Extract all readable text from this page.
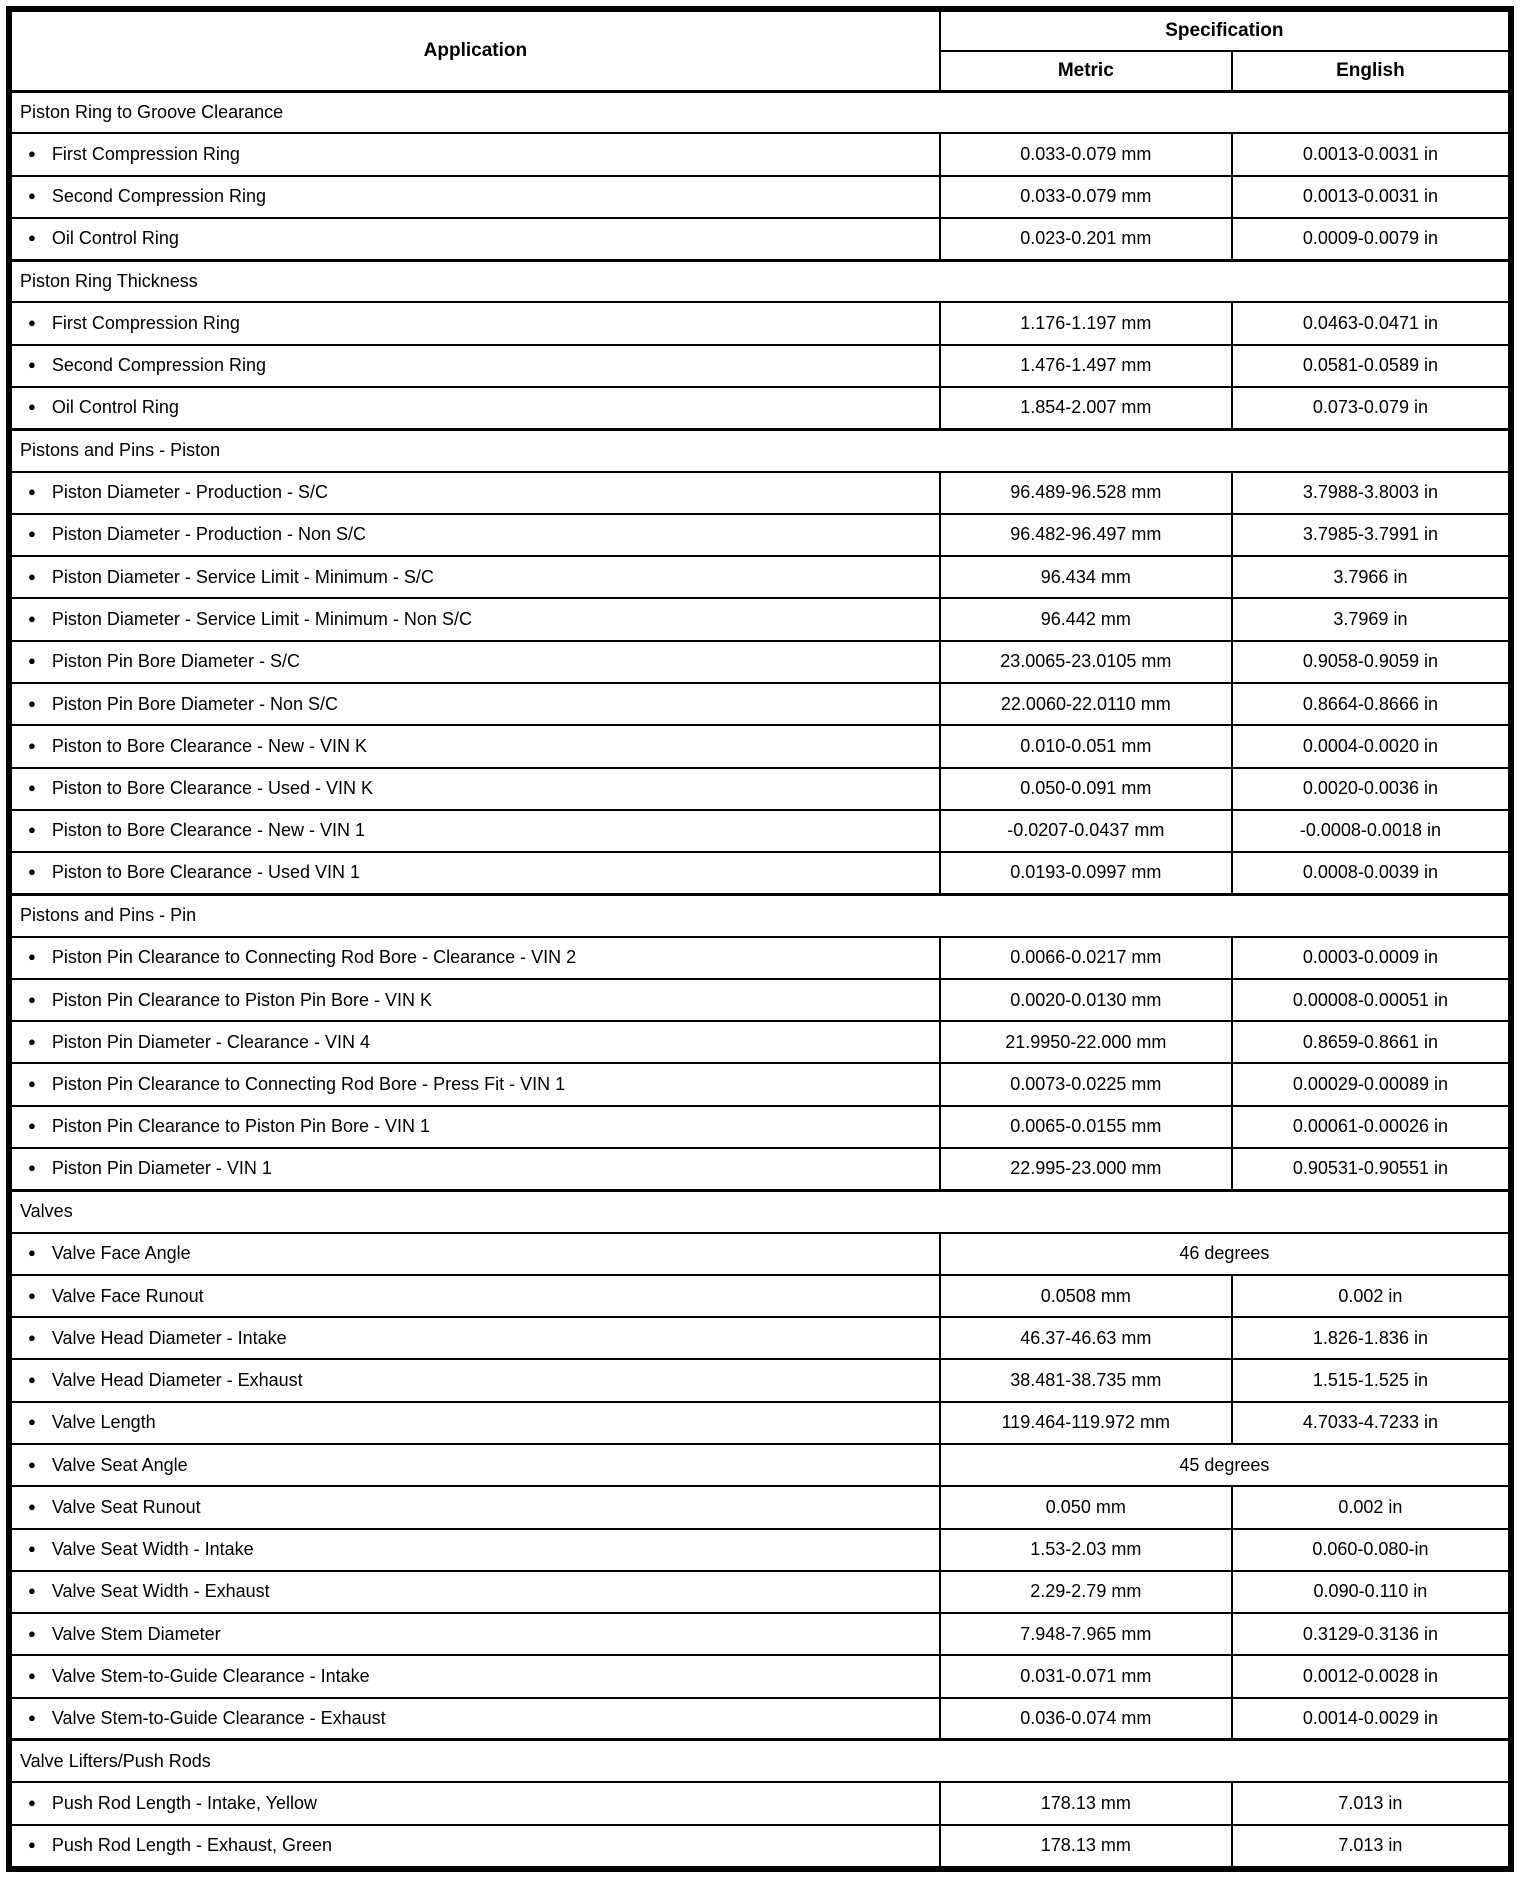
Application	Specification	
	Metric	English
Piston Ring to Groove Clearance		
● First Compression Ring	0.033-0.079 mm	0.0013-0.0031 in
● Second Compression Ring	0.033-0.079 mm	0.0013-0.0031 in
● Oil Control Ring	0.023-0.201 mm	0.0009-0.0079 in
Piston Ring Thickness		
● First Compression Ring	1.176-1.197 mm	0.0463-0.0471 in
● Second Compression Ring	1.476-1.497 mm	0.0581-0.0589 in
● Oil Control Ring	1.854-2.007 mm	0.073-0.079 in
Pistons and Pins - Piston		
● Piston Diameter - Production - S/C	96.489-96.528 mm	3.7988-3.8003 in
● Piston Diameter - Production - Non S/C	96.482-96.497 mm	3.7985-3.7991 in
● Piston Diameter - Service Limit - Minimum - S/C	96.434 mm	3.7966 in
● Piston Diameter - Service Limit - Minimum - Non S/C	96.442 mm	3.7969 in
● Piston Pin Bore Diameter - S/C	23.0065-23.0105 mm	0.9058-0.9059 in
● Piston Pin Bore Diameter - Non S/C	22.0060-22.0110 mm	0.8664-0.8666 in
● Piston to Bore Clearance - New - VIN K	0.010-0.051 mm	0.0004-0.0020 in
● Piston to Bore Clearance - Used - VIN K	0.050-0.091 mm	0.0020-0.0036 in
● Piston to Bore Clearance - New - VIN 1	-0.0207-0.0437 mm	-0.0008-0.0018 in
● Piston to Bore Clearance - Used VIN 1	0.0193-0.0997 mm	0.0008-0.0039 in
Pistons and Pins - Pin		
● Piston Pin Clearance to Connecting Rod Bore - Clearance - VIN 2	0.0066-0.0217 mm	0.0003-0.0009 in
● Piston Pin Clearance to Piston Pin Bore - VIN K	0.0020-0.0130 mm	0.00008-0.00051 in
● Piston Pin Diameter - Clearance - VIN 4	21.9950-22.000 mm	0.8659-0.8661 in
● Piston Pin Clearance to Connecting Rod Bore - Press Fit - VIN 1	0.0073-0.0225 mm	0.00029-0.00089 in
● Piston Pin Clearance to Piston Pin Bore - VIN 1	0.0065-0.0155 mm	0.00061-0.00026 in
● Piston Pin Diameter - VIN 1	22.995-23.000 mm	0.90531-0.90551 in
Valves		
● Valve Face Angle	46 degrees	
● Valve Face Runout	0.0508 mm	0.002 in
● Valve Head Diameter - Intake	46.37-46.63 mm	1.826-1.836 in
● Valve Head Diameter - Exhaust	38.481-38.735 mm	1.515-1.525 in
● Valve Length	119.464-119.972 mm	4.7033-4.7233 in
● Valve Seat Angle	45 degrees	
● Valve Seat Runout	0.050 mm	0.002 in
● Valve Seat Width - Intake	1.53-2.03 mm	0.060-0.080-in
● Valve Seat Width - Exhaust	2.29-2.79 mm	0.090-0.110 in
● Valve Stem Diameter	7.948-7.965 mm	0.3129-0.3136 in
● Valve Stem-to-Guide Clearance - Intake	0.031-0.071 mm	0.0012-0.0028 in
● Valve Stem-to-Guide Clearance - Exhaust	0.036-0.074 mm	0.0014-0.0029 in
Valve Lifters/Push Rods		
● Push Rod Length - Intake, Yellow	178.13 mm	7.013 in
● Push Rod Length - Exhaust, Green	178.13 mm	7.013 in
